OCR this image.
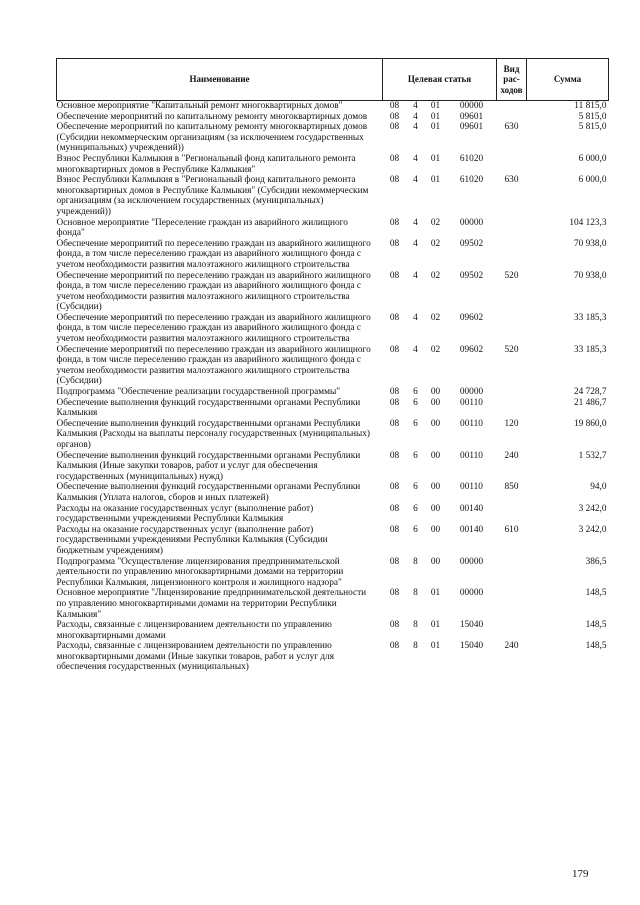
Наименование	Целевая статья				Вид
рас-
ходов	Сумма
Основное мероприятие "Капитальный ремонт многоквартирных домов"	08	4	01	00000		11 815,0
Обеспечение мероприятий по капитальному ремонту многоквартирных домов	08	4	01	09601		5 815,0
Обеспечение мероприятий по капитальному ремонту многоквартирных домов (Субсидии некоммерческим организациям (за исключением государственных (муниципальных) учреждений))	08	4	01	09601	630	5 815,0
Взнос Республики Калмыкия в "Региональный фонд капитального ремонта многоквартирных домов в Республике Калмыкия"	08	4	01	61020		6 000,0
Взнос Республики Калмыкия в "Региональный фонд капитального ремонта многоквартирных домов в Республике Калмыкия" (Субсидии некоммерческим организациям (за исключением государственных (муниципальных) учреждений))	08	4	01	61020	630	6 000,0
Основное мероприятие "Переселение граждан из аварийного жилищного фонда"	08	4	02	00000		104 123,3
Обеспечение мероприятий по переселению граждан из аварийного жилищного фонда, в том числе переселению граждан из аварийного жилищного фонда с учетом необходимости развития малоэтажного жилищного строительства	08	4	02	09502		70 938,0
Обеспечение мероприятий по переселению граждан из аварийного жилищного фонда, в том числе переселению граждан из аварийного жилищного фонда с учетом необходимости развития малоэтажного жилищного строительства (Субсидии)	08	4	02	09502	520	70 938,0
Обеспечение мероприятий по переселению граждан из аварийного жилищного фонда, в том числе переселению граждан из аварийного жилищного фонда с учетом необходимости развития малоэтажного жилищного строительства	08	4	02	09602		33 185,3
Обеспечение мероприятий по переселению граждан из аварийного жилищного фонда, в том числе переселению граждан из аварийного жилищного фонда с учетом необходимости развития малоэтажного жилищного строительства (Субсидии)	08	4	02	09602	520	33 185,3
Подпрограмма "Обеспечение реализации государственной программы"	08	6	00	00000		24 728,7
Обеспечение выполнения функций государственными органами Республики Калмыкия	08	6	00	00110		21 486,7
Обеспечение выполнения функций государственными органами Республики Калмыкия (Расходы на выплаты персоналу государственных (муниципальных) органов)	08	6	00	00110	120	19 860,0
Обеспечение выполнения функций государственными органами Республики Калмыкия (Иные закупки товаров, работ и услуг для обеспечения государственных (муниципальных) нужд)	08	6	00	00110	240	1 532,7
Обеспечение выполнения функций государственными органами Республики Калмыкия (Уплата налогов, сборов и иных платежей)	08	6	00	00110	850	94,0
Расходы на оказание государственных услуг (выполнение работ) государственными учреждениями Республики Калмыкия	08	6	00	00140		3 242,0
Расходы на оказание государственных услуг (выполнение работ) государственными учреждениями Республики Калмыкия (Субсидии бюджетным учреждениям)	08	6	00	00140	610	3 242,0
Подпрограмма "Осуществление лицензирования предпринимательской деятельности по управлению многоквартирными домами на территории Республики Калмыкия, лицензионного контроля и жилищного надзора"	08	8	00	00000		386,5
Основное мероприятие "Лицензирование предпринимательской деятельности по управлению многоквартирными домами на территории Республики Калмыкия"	08	8	01	00000		148,5
Расходы, связанные с лицензированием деятельности по управлению многоквартирными домами	08	8	01	15040		148,5
Расходы, связанные с лицензированием деятельности по управлению многоквартирными домами (Иные закупки товаров, работ и услуг для обеспечения государственных (муниципальных)	08	8	01	15040	240	148,5
179
